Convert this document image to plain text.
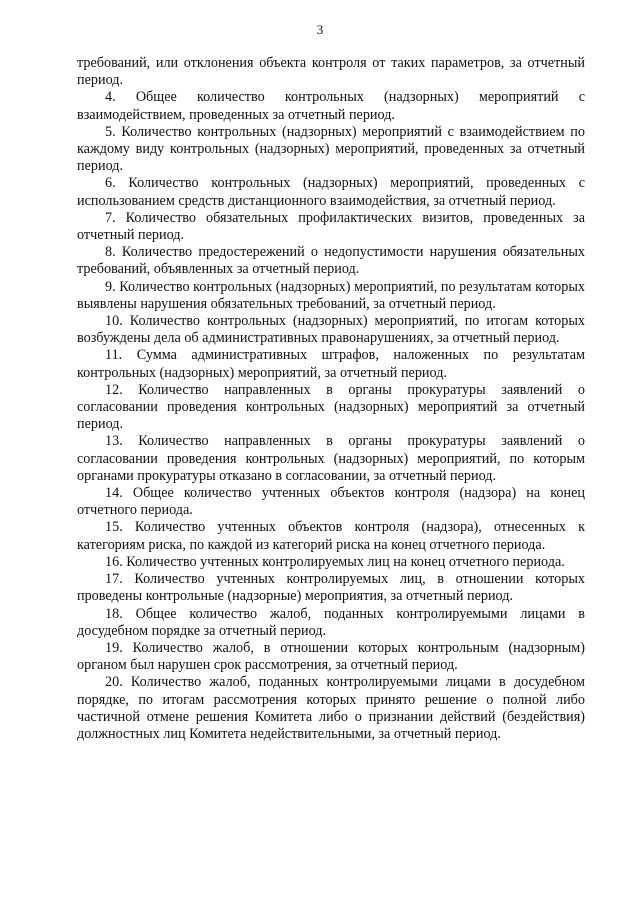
3

требований, или отклонения объекта контроля от таких параметров, за отчетный период.

4. Общее количество контрольных (надзорных) мероприятий с взаимодействием, проведенных за отчетный период.

5. Количество контрольных (надзорных) мероприятий с взаимодействием по каждому виду контрольных (надзорных) мероприятий, проведенных за отчетный период.

6. Количество контрольных (надзорных) мероприятий, проведенных с использованием средств дистанционного взаимодействия, за отчетный период.

7. Количество обязательных профилактических визитов, проведенных за отчетный период.

8. Количество предостережений о недопустимости нарушения обязательных требований, объявленных за отчетный период.

9. Количество контрольных (надзорных) мероприятий, по результатам которых выявлены нарушения обязательных требований, за отчетный период.

10. Количество контрольных (надзорных) мероприятий, по итогам которых возбуждены дела об административных правонарушениях, за отчетный период.

11. Сумма административных штрафов, наложенных по результатам контрольных (надзорных) мероприятий, за отчетный период.

12. Количество направленных в органы прокуратуры заявлений о согласовании проведения контрольных (надзорных) мероприятий за отчетный период.

13. Количество направленных в органы прокуратуры заявлений о согласовании проведения контрольных (надзорных) мероприятий, по которым органами прокуратуры отказано в согласовании, за отчетный период.

14. Общее количество учтенных объектов контроля (надзора) на конец отчетного периода.

15. Количество учтенных объектов контроля (надзора), отнесенных к категориям риска, по каждой из категорий риска на конец отчетного периода.

16. Количество учтенных контролируемых лиц на конец отчетного периода.

17. Количество учтенных контролируемых лиц, в отношении которых проведены контрольные (надзорные) мероприятия, за отчетный период.

18. Общее количество жалоб, поданных контролируемыми лицами в досудебном порядке за отчетный период.

19. Количество жалоб, в отношении которых контрольным (надзорным) органом был нарушен срок рассмотрения, за отчетный период.

20. Количество жалоб, поданных контролируемыми лицами в досудебном порядке, по итогам рассмотрения которых принято решение о полной либо частичной отмене решения Комитета либо о признании действий (бездействия) должностных лиц Комитета недействительными, за отчетный период.
